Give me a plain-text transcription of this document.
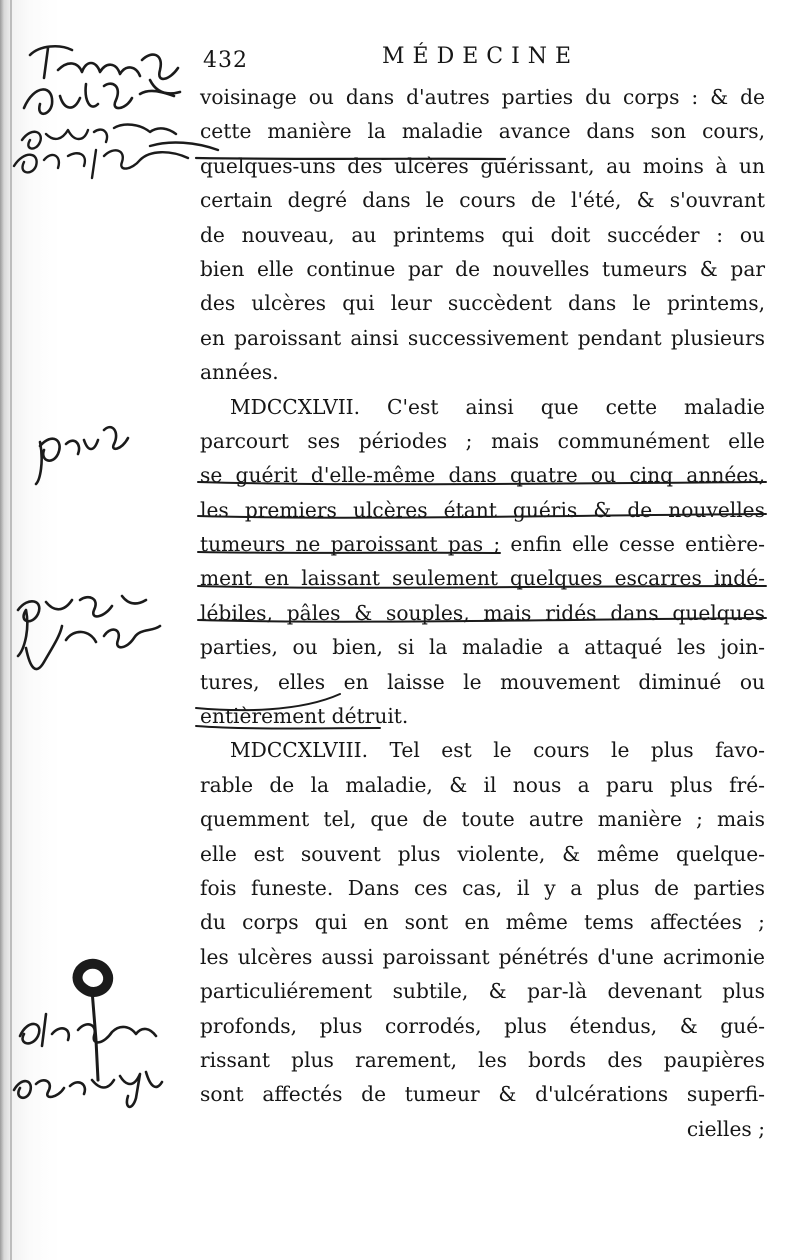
432	MÉDECINE
voisinage ou dans d'autres parties du corps : & de
cette manière la maladie avance dans son cours,
quelques-uns des ulcères guérissant, au moins à un
certain degré dans le cours de l'été, & s'ouvrant
de nouveau, au printems qui doit succéder : ou
bien elle continue par de nouvelles tumeurs & par
des ulcères qui leur succèdent dans le printems,
en paroissant ainsi successivement pendant plusieurs
années.
MDCCXLVII. C'est ainsi que cette maladie
parcourt ses périodes ; mais communément elle
se guérit d'elle-même dans quatre ou cinq années,
les premiers ulcères étant guéris & de nouvelles
tumeurs ne paroissant pas ; enfin elle cesse entière-
ment en laissant seulement quelques escarres indé-
lébiles, pâles & souples, mais ridés dans quelques
parties, ou bien, si la maladie a attaqué les join-
tures, elles en laisse le mouvement diminué ou
entièrement détruit.
MDCCXLVIII. Tel est le cours le plus favo-
rable de la maladie, & il nous a paru plus fré-
quemment tel, que de toute autre manière ; mais
elle est souvent plus violente, & même quelque-
fois funeste. Dans ces cas, il y a plus de parties
du corps qui en sont en même tems affectées ;
les ulcères aussi paroissant pénétrés d'une acrimonie
particuliérement subtile, & par-là devenant plus
profonds, plus corrodés, plus étendus, & gué-
rissant plus rarement, les bords des paupières
sont affectés de tumeur & d'ulcérations superfi-
cielles ;
